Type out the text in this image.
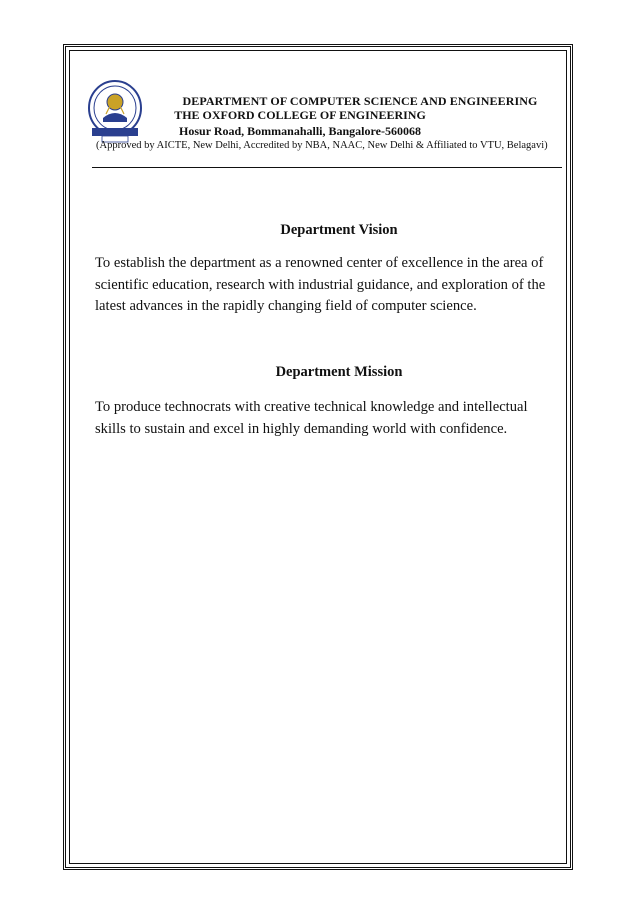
DEPARTMENT OF COMPUTER SCIENCE AND ENGINEERING
THE OXFORD COLLEGE OF ENGINEERING
Hosur Road, Bommanahalli, Bangalore-560068
(Approved by AICTE, New Delhi, Accredited by NBA, NAAC, New Delhi & Affiliated to VTU, Belagavi)
Department Vision
To establish the department as a renowned center of excellence in the area of
scientific education, research with industrial guidance, and exploration of the
latest advances in the rapidly changing field of computer science.
Department Mission
To produce technocrats with creative technical knowledge and intellectual
skills to sustain and excel in highly demanding world with confidence.
